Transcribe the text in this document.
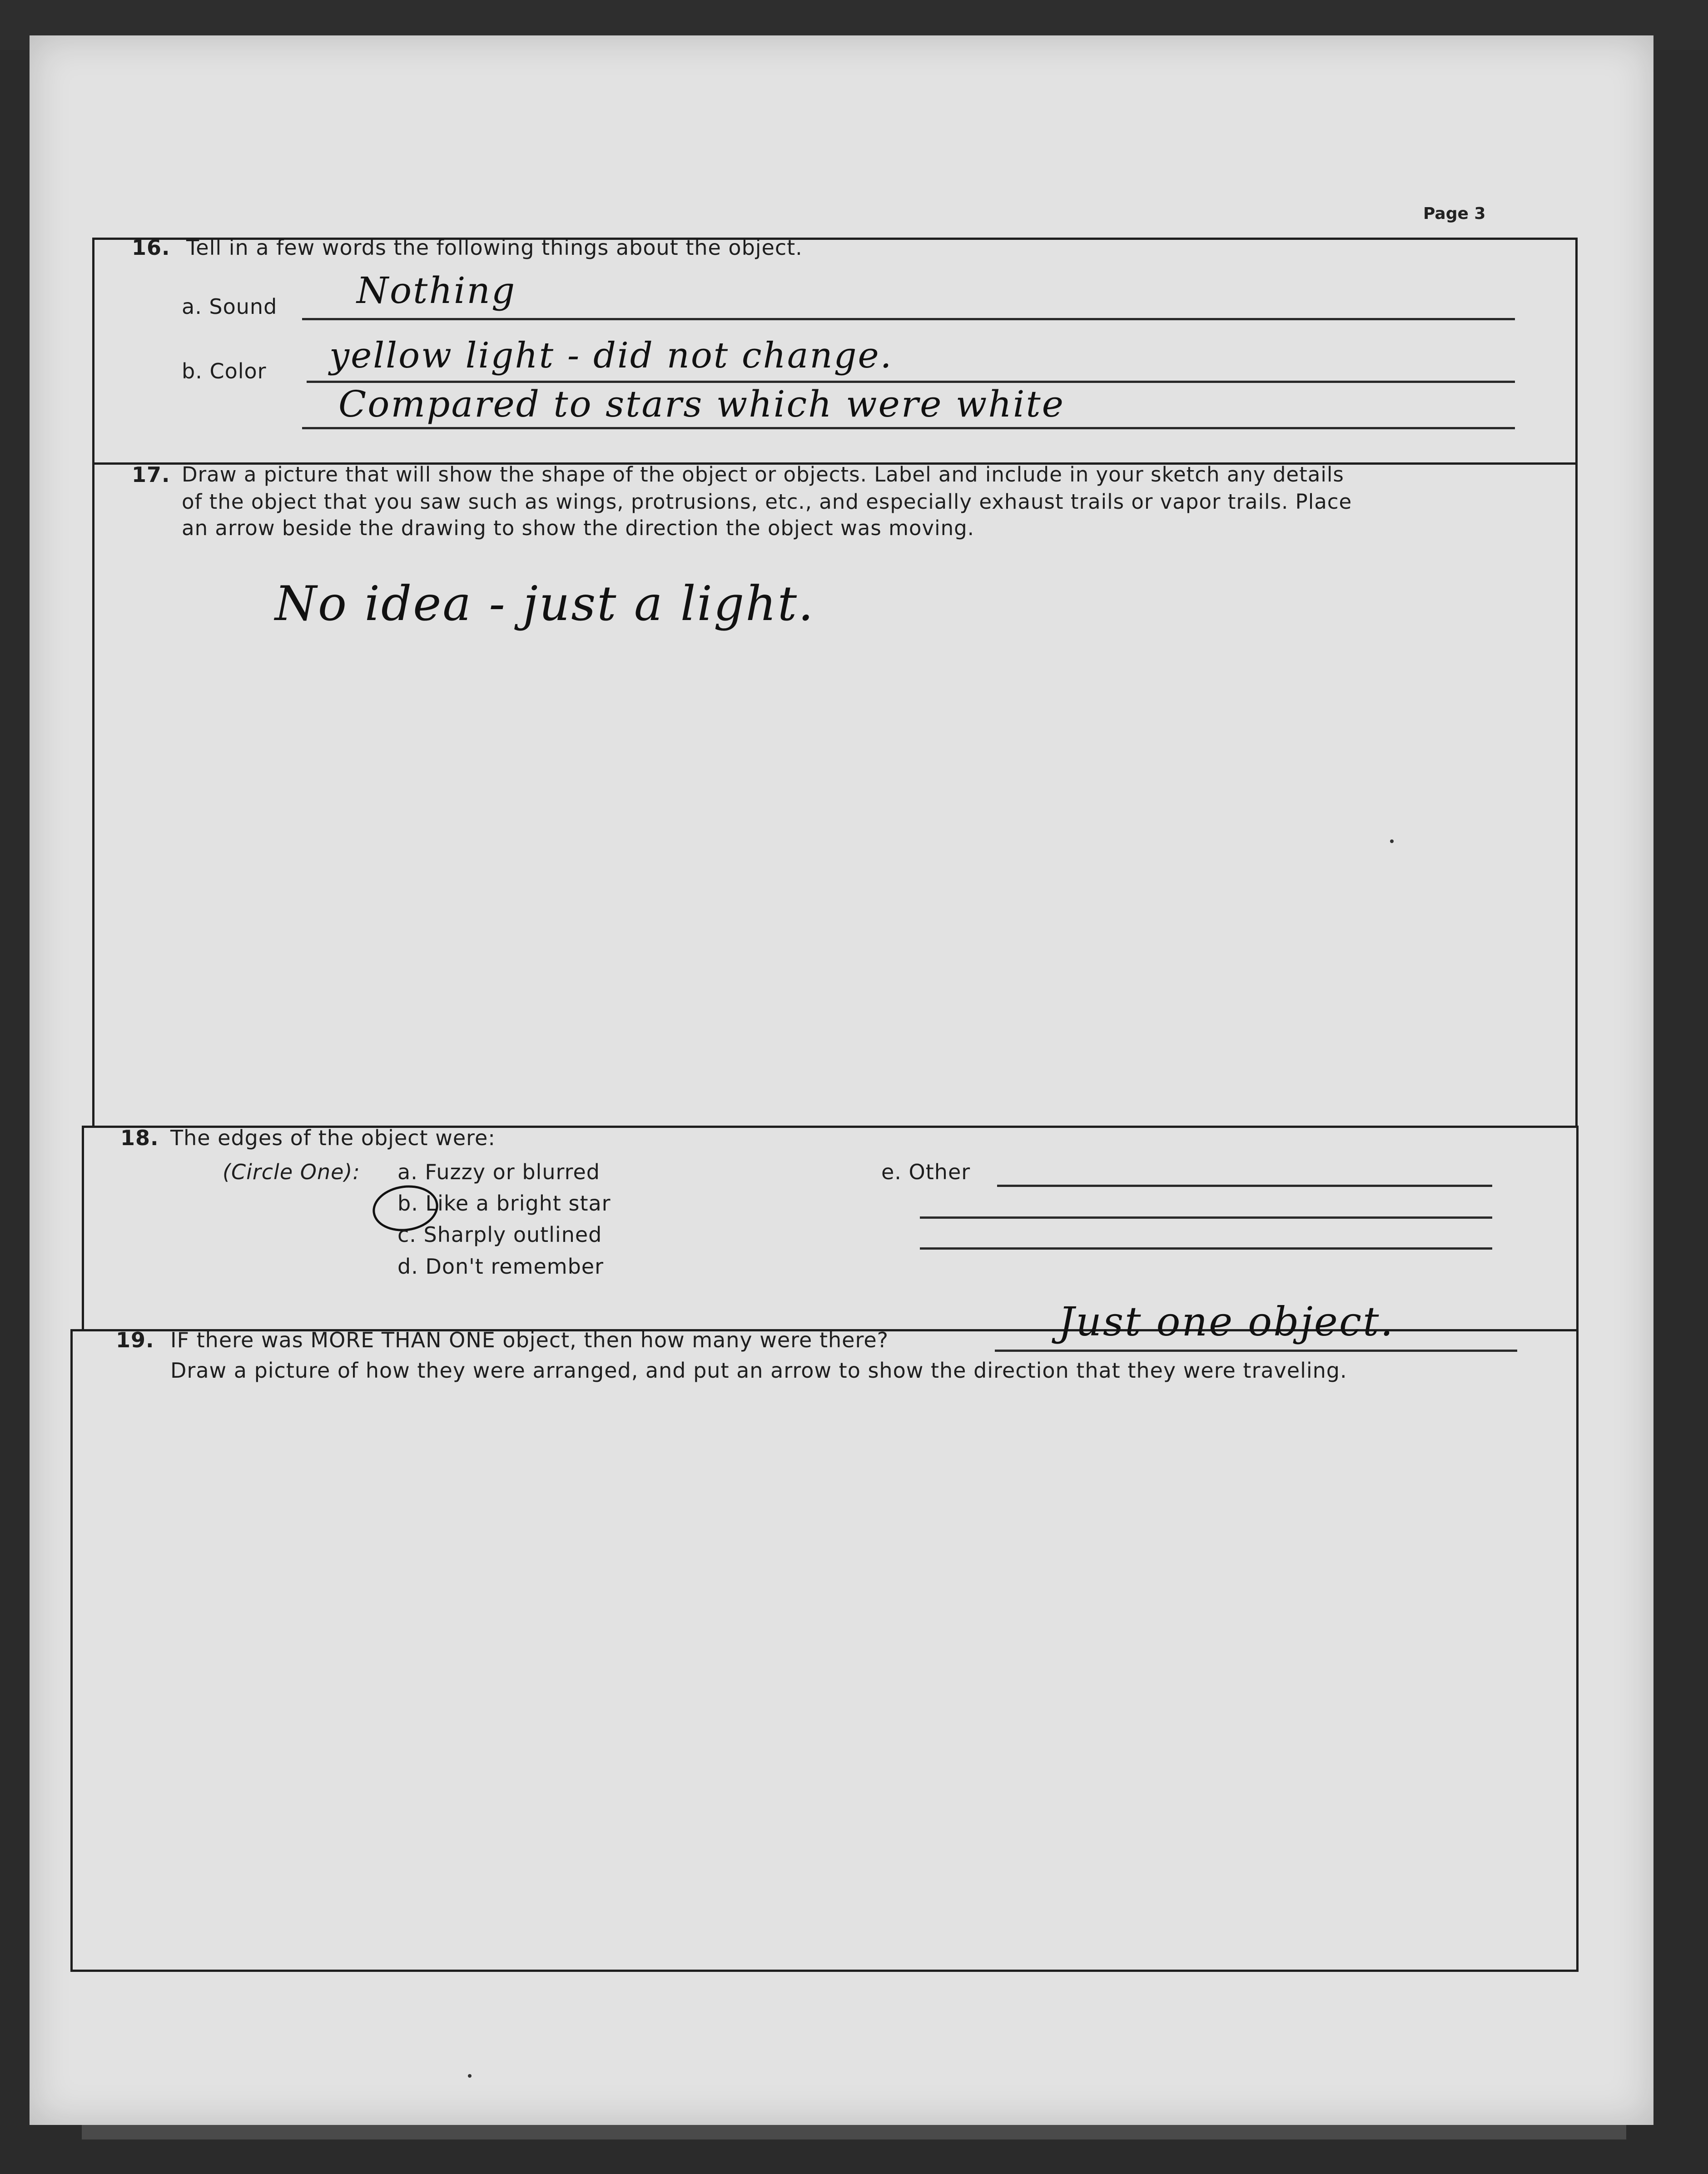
Page 3
16. Tell in a few words the following things about the object.
a. Sound Nothing
b. Color yellow light - did not change.
Compared to stars which were white
17. Draw a picture that will show the shape of the object or objects. Label and include in your sketch any details
of the object that you saw such as wings, protrusions, etc., and especially exhaust trails or vapor trails. Place
an arrow beside the drawing to show the direction the object was moving.
No idea - just a light.
18. The edges of the object were:
(Circle One): a. Fuzzy or blurred
b. Like a bright star
c. Sharply outlined
d. Don't remember
e. Other
19. IF there was MORE THAN ONE object, then how many were there?	Just one object.
Draw a picture of how they were arranged, and put an arrow to show the direction that they were traveling.
